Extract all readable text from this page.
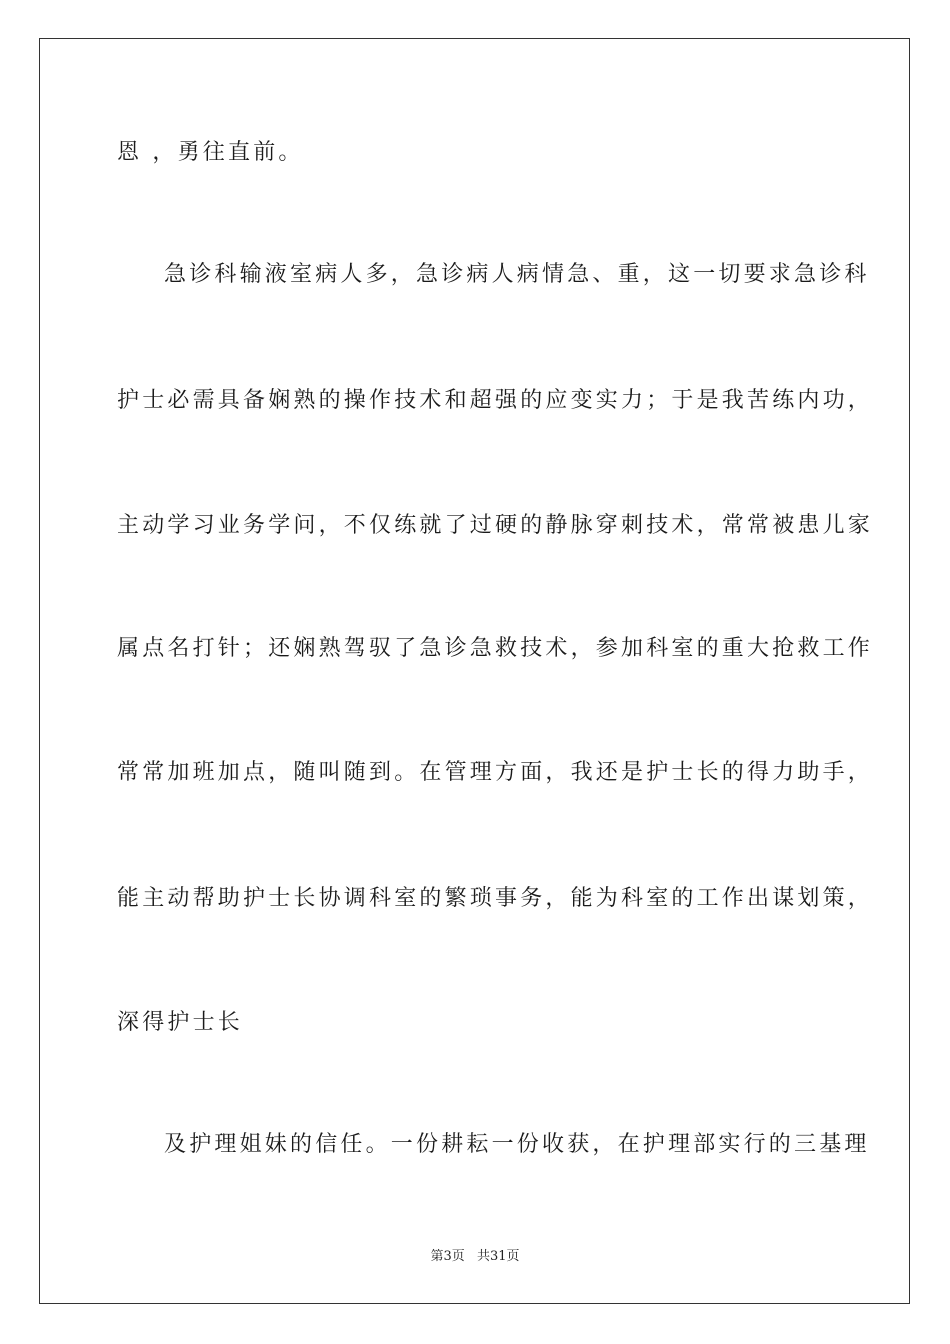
恩 ，勇往直前。
急诊科输液室病人多，急诊病人病情急、重，这一切要求急诊科
护士必需具备娴熟的操作技术和超强的应变实力；于是我苦练内功，
主动学习业务学问，不仅练就了过硬的静脉穿刺技术，常常被患儿家
属点名打针；还娴熟驾驭了急诊急救技术，参加科室的重大抢救工作
常常加班加点，随叫随到。在管理方面，我还是护士长的得力助手，
能主动帮助护士长协调科室的繁琐事务，能为科室的工作出谋划策，
深得护士长
及护理姐妹的信任。一份耕耘一份收获，在护理部实行的三基理
第3页 共31页
